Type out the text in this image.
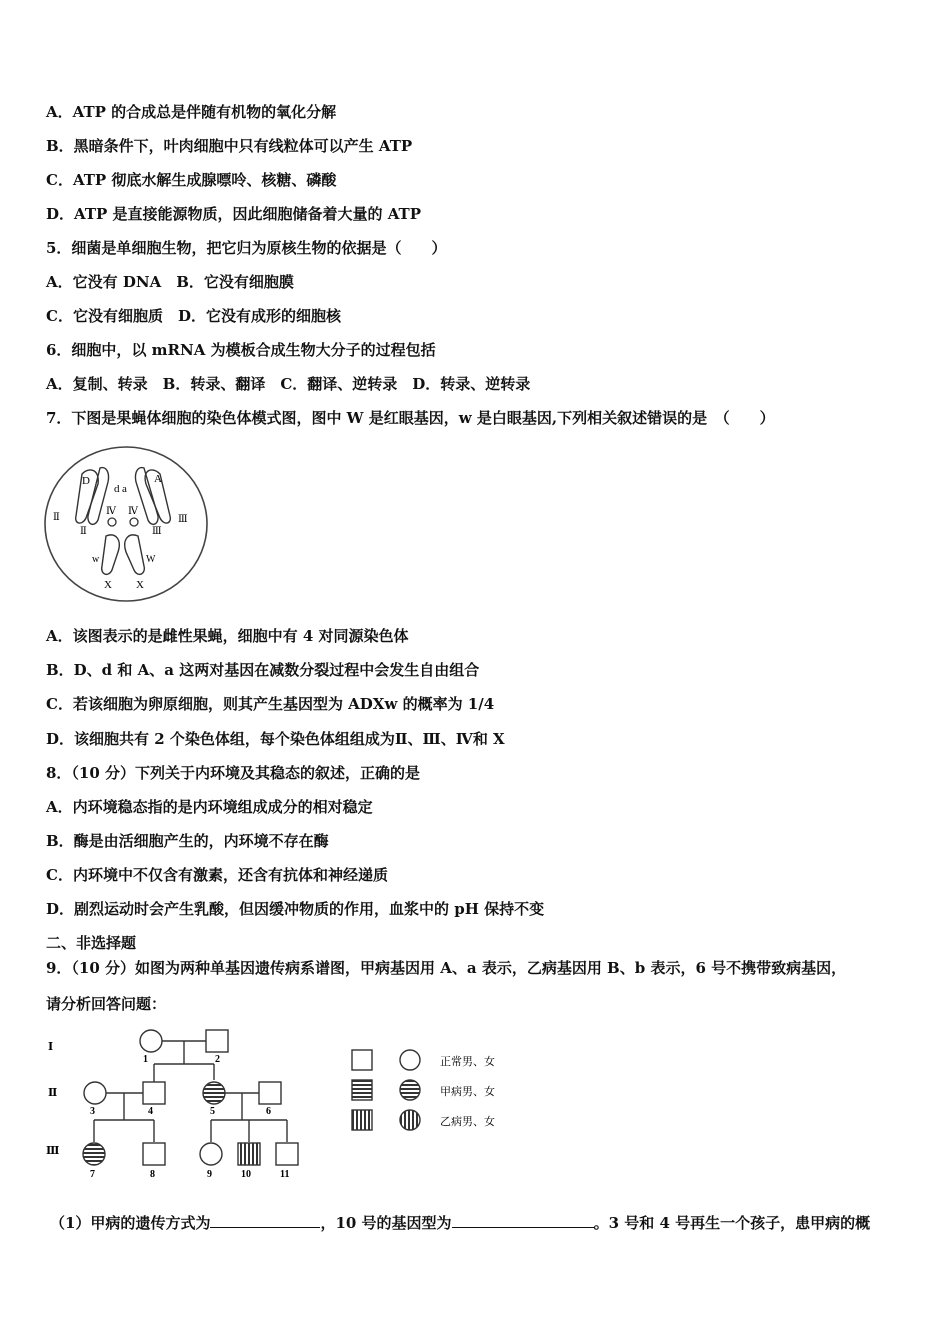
A．ATP 的合成总是伴随有机物的氧化分解
B．黑暗条件下，叶肉细胞中只有线粒体可以产生 ATP
C．ATP 彻底水解生成腺嘌呤、核糖、磷酸
D．ATP 是直接能源物质，因此细胞储备着大量的 ATP
5．细菌是单细胞生物，把它归为原核生物的依据是（　　）
A．它没有 DNA　B．它没有细胞膜
C．它没有细胞质　D．它没有成形的细胞核
6．细胞中，以 mRNA 为模板合成生物大分子的过程包括
A．复制、转录　B．转录、翻译　C．翻译、逆转录　D．转录、逆转录
7．下图是果蝇体细胞的染色体模式图，图中 W 是红眼基因，w 是白眼基因,下列相关叙述错误的是　（　　）
D
d a
A
Ⅱ
Ⅳ Ⅳ
Ⅲ
Ⅱ	Ⅲ
w	W
X X
A．该图表示的是雌性果蝇，细胞中有 4 对同源染色体
B．D、d 和 A、a 这两对基因在减数分裂过程中会发生自由组合
C．若该细胞为卵原细胞，则其产生基因型为 ADXw 的概率为 1/4
D．该细胞共有 2 个染色体组，每个染色体组组成为Ⅱ、Ⅲ、Ⅳ和 X
8．（10 分）下列关于内环境及其稳态的叙述，正确的是
A．内环境稳态指的是内环境组成成分的相对稳定
B．酶是由活细胞产生的，内环境不存在酶
C．内环境中不仅含有激素，还含有抗体和神经递质
D．剧烈运动时会产生乳酸，但因缓冲物质的作用，血浆中的 pH 保持不变
二、非选择题
9．（10 分）如图为两种单基因遗传病系谱图，甲病基因用 A、a 表示，乙病基因用 B、b 表示，6 号不携带致病基因，
请分析回答问题：
Ⅰ
Ⅱ
Ⅲ
1	2
3	4	5	6
7	8	9	10	11
正常男、女
甲病男、女
乙病男、女
（1）甲病的遗传方式为	，10 号的基因型为	。3 号和 4 号再生一个孩子，患甲病的概
